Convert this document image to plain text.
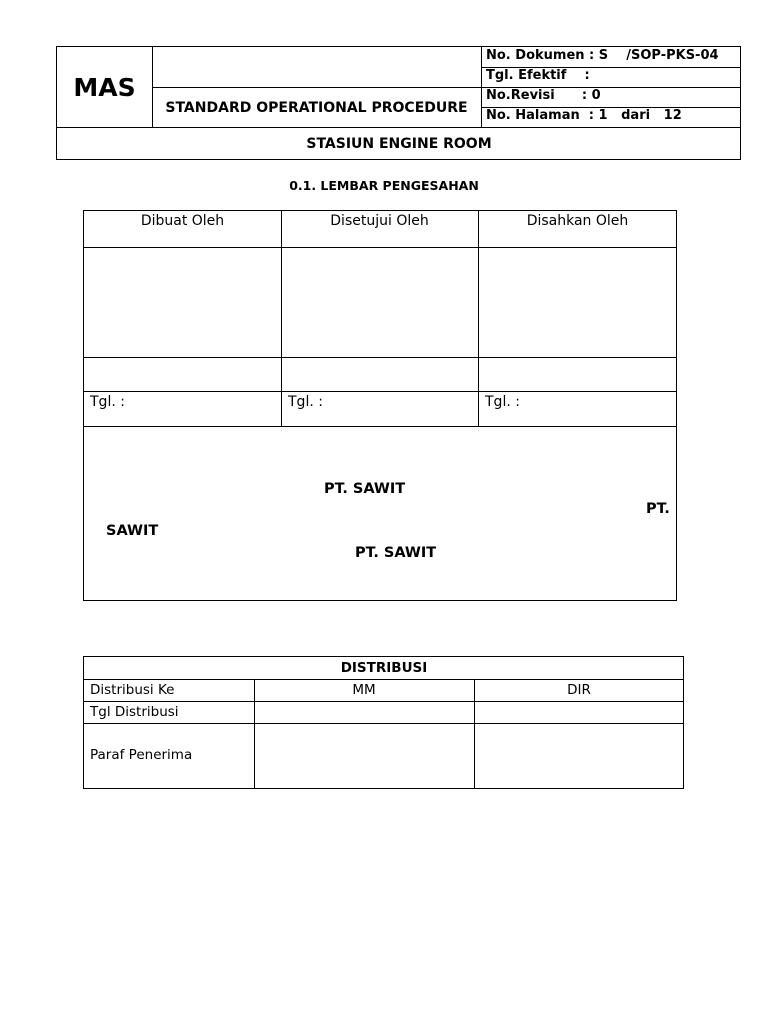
MAS
STANDARD OPERATIONAL PROCEDURE
No. Dokumen : S    /SOP-PKS-04
Tgl. Efektif    :
No.Revisi      : 0
No. Halaman  : 1   dari   12
STASIUN ENGINE ROOM
0.1. LEMBAR PENGESAHAN
Dibuat Oleh	Disetujui Oleh	Disahkan Oleh
Tgl. :	Tgl. :	Tgl. :
PT. SAWIT
PT.
SAWIT
PT. SAWIT
DISTRIBUSI
Distribusi Ke	MM	DIR
Tgl Distribusi
Paraf Penerima
